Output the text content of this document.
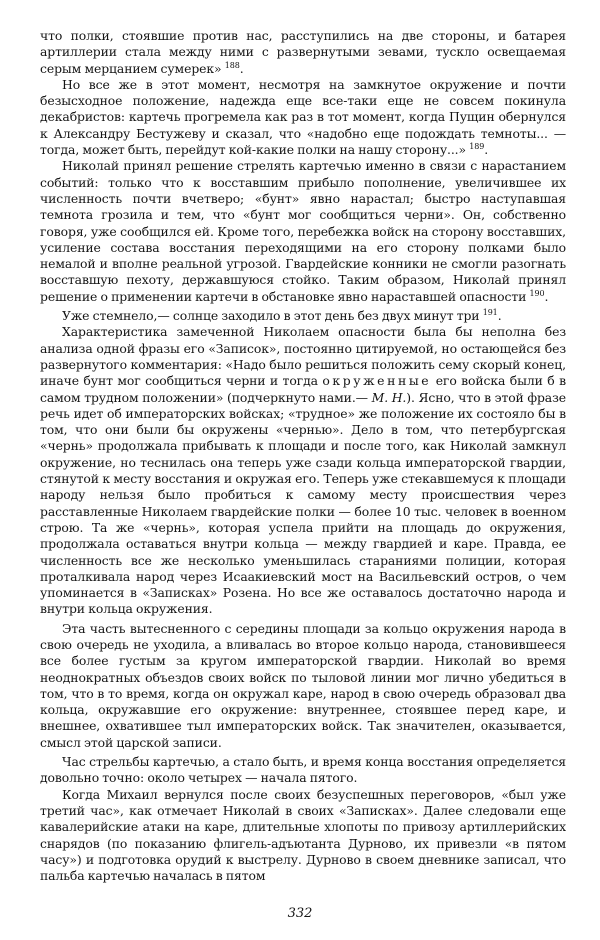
что полки, стоявшие против нас, расступились на две стороны, и батарея артиллерии стала между ними с развернутыми зевами, тускло освещаемая серым мерцанием сумерек» $^{188}$.

Но все же в этот момент, несмотря на замкнутое окружение и почти безысходное положение, надежда еще все-таки еще не совсем покинула декабристов: картечь прогремела как раз в тот момент, когда Пущин обернулся к Александру Бестужеву и сказал, что «надобно еще подождать темноты... — тогда, может быть, перейдут кой-какие полки на нашу сторону...» $^{189}$.

Николай принял решение стрелять картечью именно в связи с нарастанием событий: только что к восставшим прибыло пополнение, увеличившее их численность почти вчетверо; «бунт» явно нарастал; быстро наступавшая темнота грозила и тем, что «бунт мог сообщиться черни». Он, собственно говоря, уже сообщился ей. Кроме того, перебежка войск на сторону восставших, усиление состава восстания переходящими на его сторону полками было немалой и вполне реальной угрозой. Гвардейские конники не смогли разогнать восставшую пехоту, державшуюся стойко. Таким образом, Николай принял решение о применении картечи в обстановке явно нараставшей опасности $^{190}$.

Уже стемнело,— солнце заходило в этот день без двух минут три $^{191}$.

Характеристика замеченной Николаем опасности была бы неполна без анализа одной фразы его «Записок», постоянно цитируемой, но остающейся без развернутого комментария: «Надо было решиться положить сему скорый конец, иначе бунт мог сообщиться черни и тогда окруженные его войска были б в самом трудном положении» (подчеркнуто нами.— М. Н.). Ясно, что в этой фразе речь идет об императорских войсках; «трудное» же положение их состояло бы в том, что они были бы окружены «чернью». Дело в том, что петербургская «чернь» продолжала прибывать к площади и после того, как Николай замкнул окружение, но теснилась она теперь уже сзади кольца императорской гвардии, стянутой к месту восстания и окружая его. Теперь уже стекавшемуся к площади народу нельзя было пробиться к самому месту происшествия через расставленные Николаем гвардейские полки — более 10 тыс. человек в военном строю. Та же «чернь», которая успела прийти на площадь до окружения, продолжала оставаться внутри кольца — между гвардией и каре. Правда, ее численность все же несколько уменьшилась стараниями полиции, которая проталкивала народ через Исаакиевский мост на Васильевский остров, о чем упоминается в «Записках» Розена. Но все же оставалось достаточно народа и внутри кольца окружения.

Эта часть вытесненного с середины площади за кольцо окружения народа в свою очередь не уходила, а вливалась во второе кольцо народа, становившееся все более густым за кругом императорской гвардии. Николай во время неоднократных объездов своих войск по тыловой линии мог лично убедиться в том, что в то время, когда он окружал каре, народ в свою очередь образовал два кольца, окружавшие его окружение: внутреннее, стоявшее перед каре, и внешнее, охватившее тыл императорских войск. Так значителен, оказывается, смысл этой царской записи.

Час стрельбы картечью, а стало быть, и время конца восстания определяется довольно точно: около четырех — начала пятого.

Когда Михаил вернулся после своих безуспешных переговоров, «был уже третий час», как отмечает Николай в своих «Записках». Далее следовали еще кавалерийские атаки на каре, длительные хлопоты по привозу артиллерийских снарядов (по показанию флигель-адъютанта Дурново, их привезли «в пятом часу») и подготовка орудий к выстрелу. Дурново в своем дневнике записал, что пальба картечью началась в пятом

332
